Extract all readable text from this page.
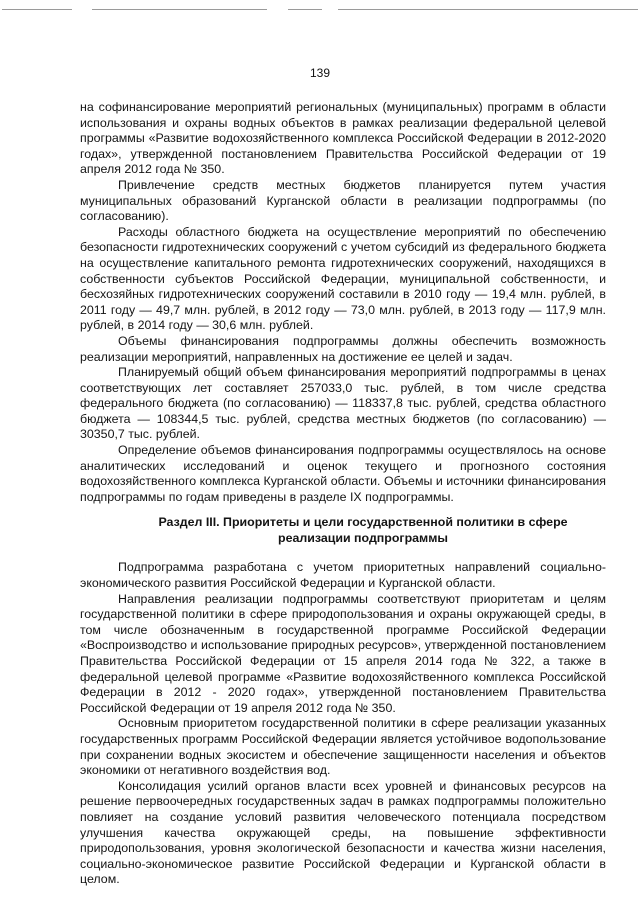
139

на софинансирование мероприятий региональных (муниципальных) программ в области использования и охраны водных объектов в рамках реализации федеральной целевой программы «Развитие водохозяйственного комплекса Российской Федерации в 2012-2020 годах», утвержденной постановлением Правительства Российской Федерации от 19 апреля 2012 года № 350.

Привлечение средств местных бюджетов планируется путем участия муниципальных образований Курганской области в реализации подпрограммы (по согласованию).

Расходы областного бюджета на осуществление мероприятий по обеспечению безопасности гидротехнических сооружений с учетом субсидий из федерального бюджета на осуществление капитального ремонта гидротехнических сооружений, находящихся в собственности субъектов Российской Федерации, муниципальной собственности, и бесхозяйных гидротехнических сооружений составили в 2010 году — 19,4 млн. рублей, в 2011 году — 49,7 млн. рублей, в 2012 году — 73,0 млн. рублей, в 2013 году — 117,9 млн. рублей, в 2014 году — 30,6 млн. рублей.

Объемы финансирования подпрограммы должны обеспечить возможность реализации мероприятий, направленных на достижение ее целей и задач.

Планируемый общий объем финансирования мероприятий подпрограммы в ценах соответствующих лет составляет 257033,0 тыс. рублей, в том числе средства федерального бюджета (по согласованию) — 118337,8 тыс. рублей, средства областного бюджета — 108344,5 тыс. рублей, средства местных бюджетов (по согласованию) — 30350,7 тыс. рублей.

Определение объемов финансирования подпрограммы осуществлялось на основе аналитических исследований и оценок текущего и прогнозного состояния водохозяйственного комплекса Курганской области. Объемы и источники финансирования подпрограммы по годам приведены в разделе IX подпрограммы.

Раздел III. Приоритеты и цели государственной политики в сфере
реализации подпрограммы

Подпрограмма разработана с учетом приоритетных направлений социально-экономического развития Российской Федерации и Курганской области.

Направления реализации подпрограммы соответствуют приоритетам и целям государственной политики в сфере природопользования и охраны окружающей среды, в том числе обозначенным в государственной программе Российской Федерации «Воспроизводство и использование природных ресурсов», утвержденной постановлением Правительства Российской Федерации от 15 апреля 2014 года № 322, а также в федеральной целевой программе «Развитие водохозяйственного комплекса Российской Федерации в 2012 - 2020 годах», утвержденной постановлением Правительства Российской Федерации от 19 апреля 2012 года № 350.

Основным приоритетом государственной политики в сфере реализации указанных государственных программ Российской Федерации является устойчивое водопользование при сохранении водных экосистем и обеспечение защищенности населения и объектов экономики от негативного воздействия вод.

Консолидация усилий органов власти всех уровней и финансовых ресурсов на решение первоочередных государственных задач в рамках подпрограммы положительно повлияет на создание условий развития человеческого потенциала посредством улучшения качества окружающей среды, на повышение эффективности природопользования, уровня экологической безопасности и качества жизни населения, социально-экономическое развитие Российской Федерации и Курганской области в целом.
